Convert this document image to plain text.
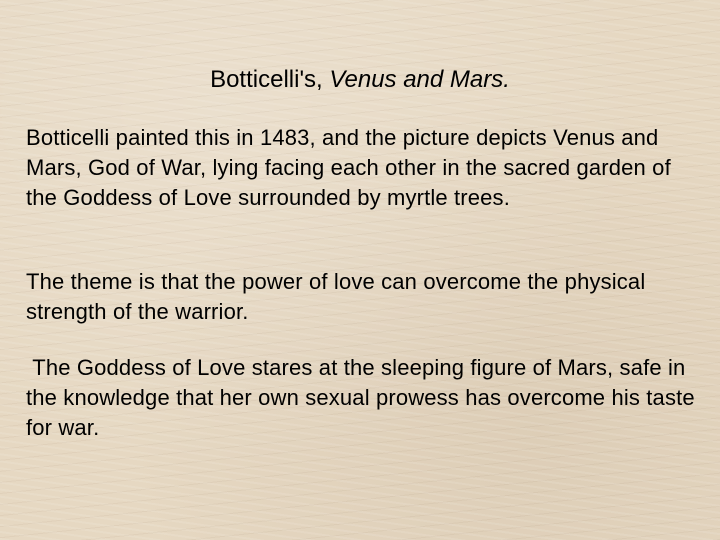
Botticelli's, Venus and Mars.

Botticelli painted this in 1483, and the picture depicts Venus and Mars, God of War, lying facing each other in the sacred garden of the Goddess of Love surrounded by myrtle trees.

The theme is that the power of love can overcome the physical strength of the warrior.

The Goddess of Love stares at the sleeping figure of Mars, safe in the knowledge that her own sexual prowess has overcome his taste for war.
